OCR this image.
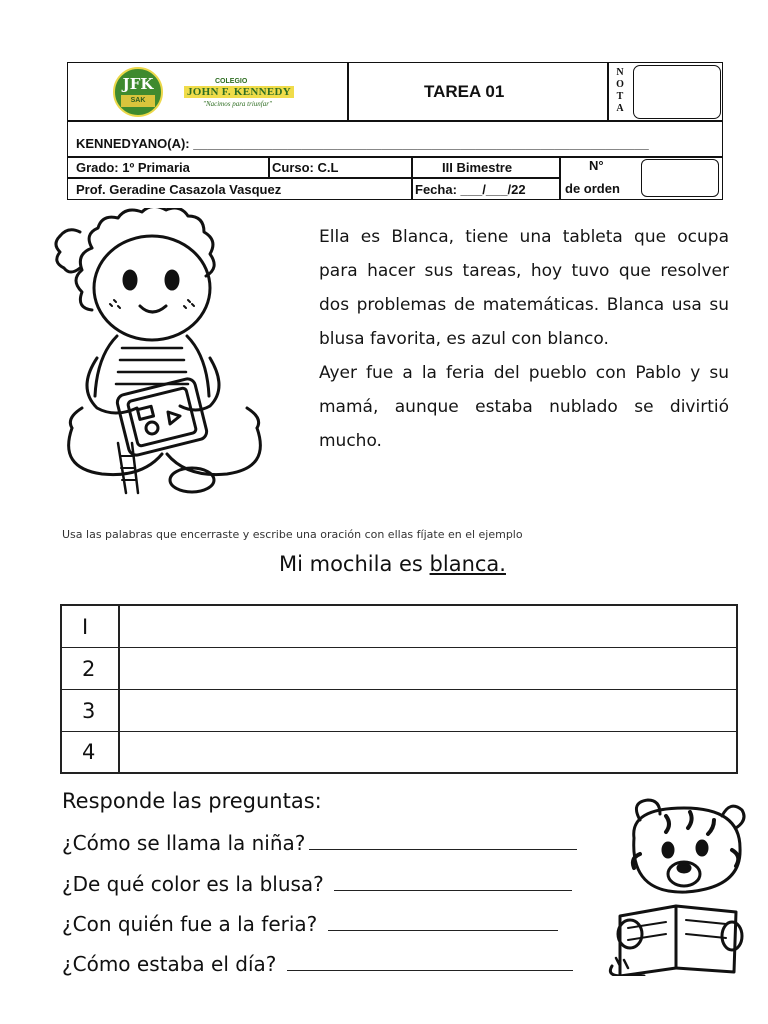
JFK
SAK
COLEGIO
JOHN F. KENNEDY
"Nacimos para triunfar"
TAREA 01
N
O
T
A
KENNEDYANO(A): _______________________________________________________________
Grado: 1º Primaria	Curso: C.L	III Bimestre	N°
de orden
Prof. Geradine Casazola Vasquez	Fecha: ___/___/22

Ella es Blanca, tiene una tableta que ocupa para hacer sus tareas, hoy tuvo que resolver dos problemas de matemáticas. Blanca usa su blusa favorita, es azul con blanco.

Ayer fue a la feria del pueblo con Pablo y su mamá, aunque estaba nublado se divirtió mucho.

Usa las palabras que encerraste y escribe una oración con ellas fíjate en el ejemplo
Mi mochila es blanca.
I
2
3
4
Responde las preguntas:
¿Cómo se llama la niña?
¿De qué color es la blusa?
¿Con quién fue a la feria?
¿Cómo estaba el día?
